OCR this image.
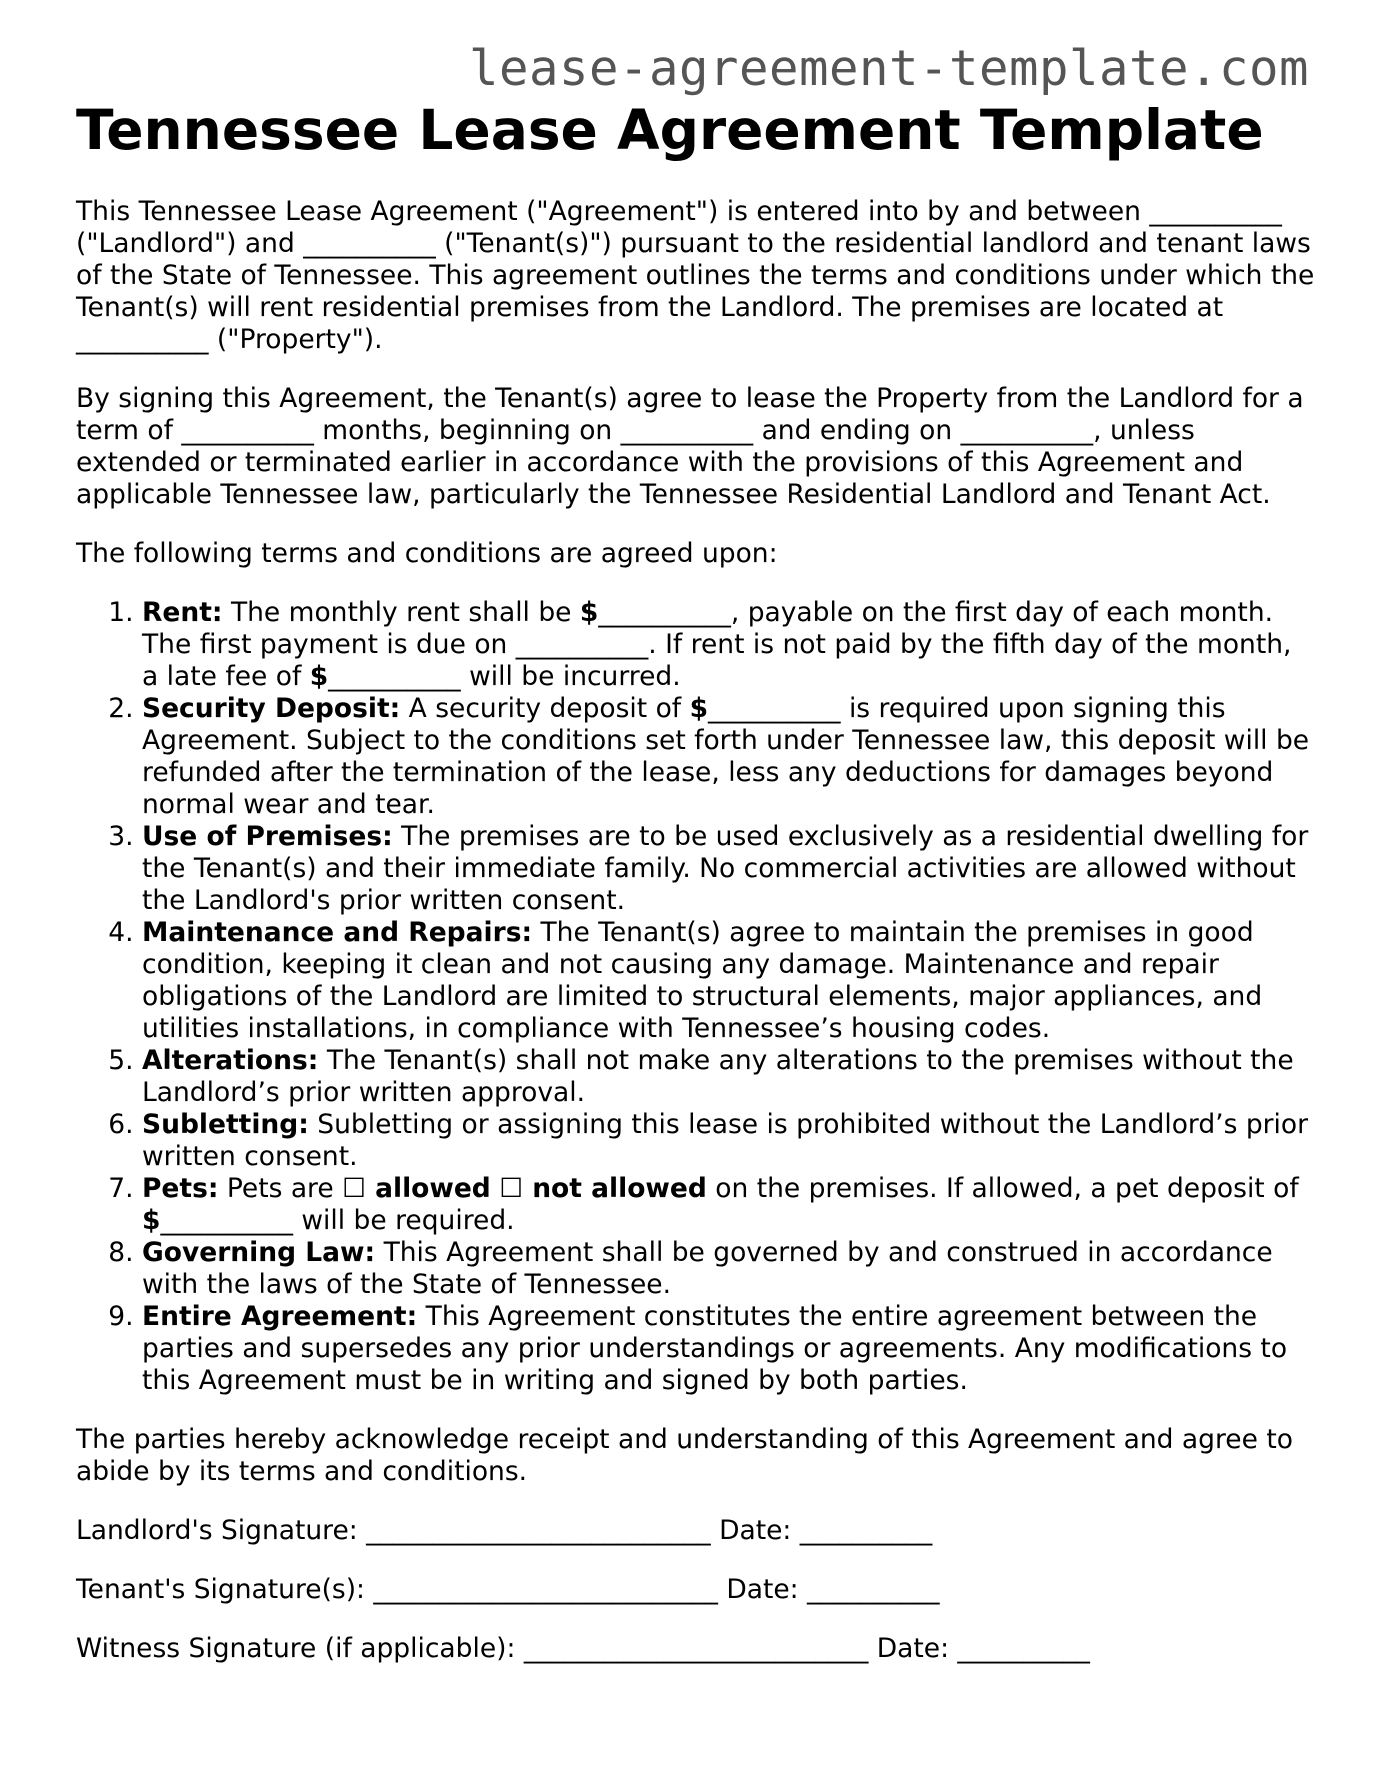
lease-agreement-template.com
Tennessee Lease Agreement Template

This Tennessee Lease Agreement ("Agreement") is entered into by and between __________ ("Landlord") and __________ ("Tenant(s)") pursuant to the residential landlord and tenant laws of the State of Tennessee. This agreement outlines the terms and conditions under which the Tenant(s) will rent residential premises from the Landlord. The premises are located at __________ ("Property").

By signing this Agreement, the Tenant(s) agree to lease the Property from the Landlord for a term of __________ months, beginning on __________ and ending on __________, unless extended or terminated earlier in accordance with the provisions of this Agreement and applicable Tennessee law, particularly the Tennessee Residential Landlord and Tenant Act.

The following terms and conditions are agreed upon:

1. Rent: The monthly rent shall be $__________, payable on the first day of each month. The first payment is due on __________. If rent is not paid by the fifth day of the month, a late fee of $__________ will be incurred.
2. Security Deposit: A security deposit of $__________ is required upon signing this Agreement. Subject to the conditions set forth under Tennessee law, this deposit will be refunded after the termination of the lease, less any deductions for damages beyond normal wear and tear.
3. Use of Premises: The premises are to be used exclusively as a residential dwelling for the Tenant(s) and their immediate family. No commercial activities are allowed without the Landlord's prior written consent.
4. Maintenance and Repairs: The Tenant(s) agree to maintain the premises in good condition, keeping it clean and not causing any damage. Maintenance and repair obligations of the Landlord are limited to structural elements, major appliances, and utilities installations, in compliance with Tennessee’s housing codes.
5. Alterations: The Tenant(s) shall not make any alterations to the premises without the Landlord’s prior written approval.
6. Subletting: Subletting or assigning this lease is prohibited without the Landlord’s prior written consent.
7. Pets: Pets are ☐ allowed ☐ not allowed on the premises. If allowed, a pet deposit of $__________ will be required.
8. Governing Law: This Agreement shall be governed by and construed in accordance with the laws of the State of Tennessee.
9. Entire Agreement: This Agreement constitutes the entire agreement between the parties and supersedes any prior understandings or agreements. Any modifications to this Agreement must be in writing and signed by both parties.

The parties hereby acknowledge receipt and understanding of this Agreement and agree to abide by its terms and conditions.

Landlord's Signature: __________________________ Date: __________
Tenant's Signature(s): __________________________ Date: __________
Witness Signature (if applicable): __________________________ Date: __________
